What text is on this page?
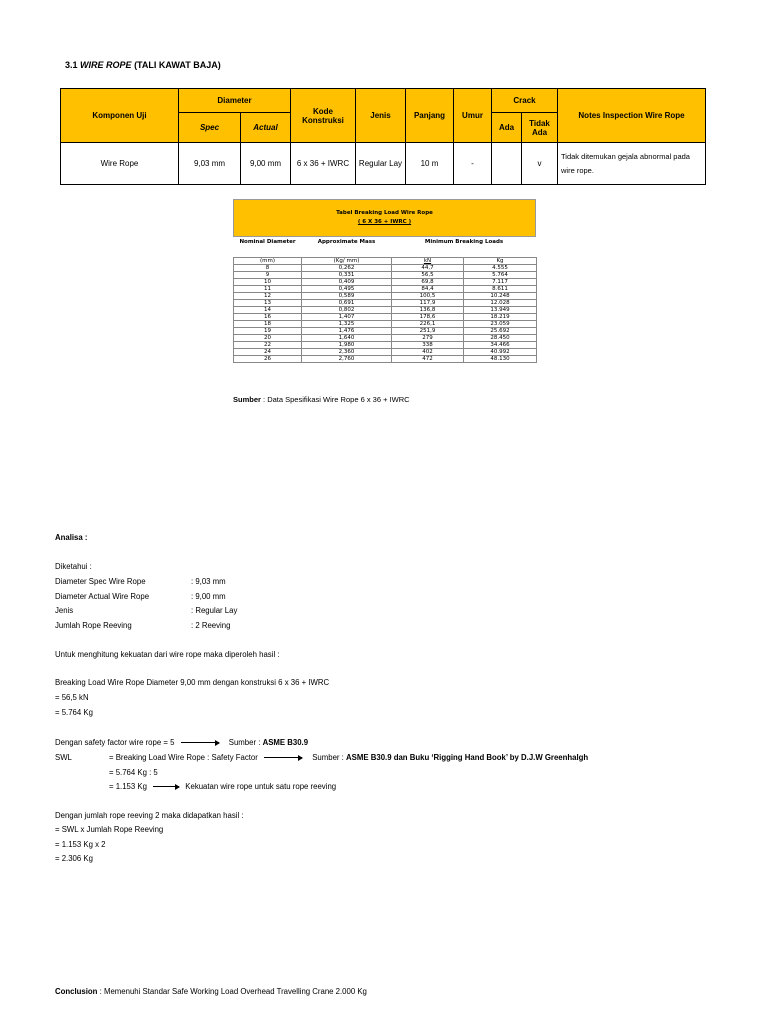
3.1 WIRE ROPE (TALI KAWAT BAJA)
Komponen Uji	Diameter		Kode Konstruksi	Jenis	Panjang	Umur	Crack		Notes Inspection Wire Rope
	Spec	Actual					Ada	Tidak Ada	
Wire Rope	9,03 mm	9,00 mm	6 x 36 + IWRC	Regular Lay	10 m	-		v	Tidak ditemukan gejala abnormal pada wire rope.
Tabel Breaking Load Wire Rope
( 6 X 36 + IWRC )
Nominal Diameter	Approximate Mass	Minimum Breaking Loads	

(mm)	(Kg/ mm)	kN	Kg
8	0,262	44,7	4.555
9	0,331	56,5	5.764
10	0,409	69,8	7.117
11	0,495	84,4	8.611
12	0,589	100,5	10.248
13	0,691	117,9	12.028
14	0,802	136,8	13.949
16	1,407	178,6	18.219
18	1,325	226,1	23.059
19	1,476	251,9	25.692
20	1,640	279	28.450
22	1,980	338	34.466
24	2,360	402	40.992
26	2,760	472	48.130
Sumber : Data Spesifikasi Wire Rope 6 x 36 + IWRC
Analisa :
Diketahui :
Diameter Spec Wire Rope	: 9,03 mm
Diameter Actual Wire Rope	: 9,00 mm
Jenis	: Regular Lay
Jumlah Rope Reeving	: 2 Reeving
Untuk menghitung kekuatan dari wire rope maka diperoleh hasil :
Breaking Load Wire Rope Diameter 9,00 mm dengan konstruksi 6 x 36 + IWRC
= 56,5 kN
= 5.764 Kg
Dengan safety factor wire rope = 5	Sumber : ASME B30.9
SWL	= Breaking Load Wire Rope : Safety Factor	Sumber : ASME B30.9 dan Buku ‘Rigging Hand Book’ by D.J.W Greenhalgh
= 5.764 Kg : 5
= 1.153 Kg	Kekuatan wire rope untuk satu rope reeving
Dengan jumlah rope reeving 2 maka didapatkan hasil :
= SWL x Jumlah Rope Reeving
= 1.153 Kg x 2
= 2.306 Kg
Conclusion : Memenuhi Standar Safe Working Load Overhead Travelling Crane 2.000 Kg
